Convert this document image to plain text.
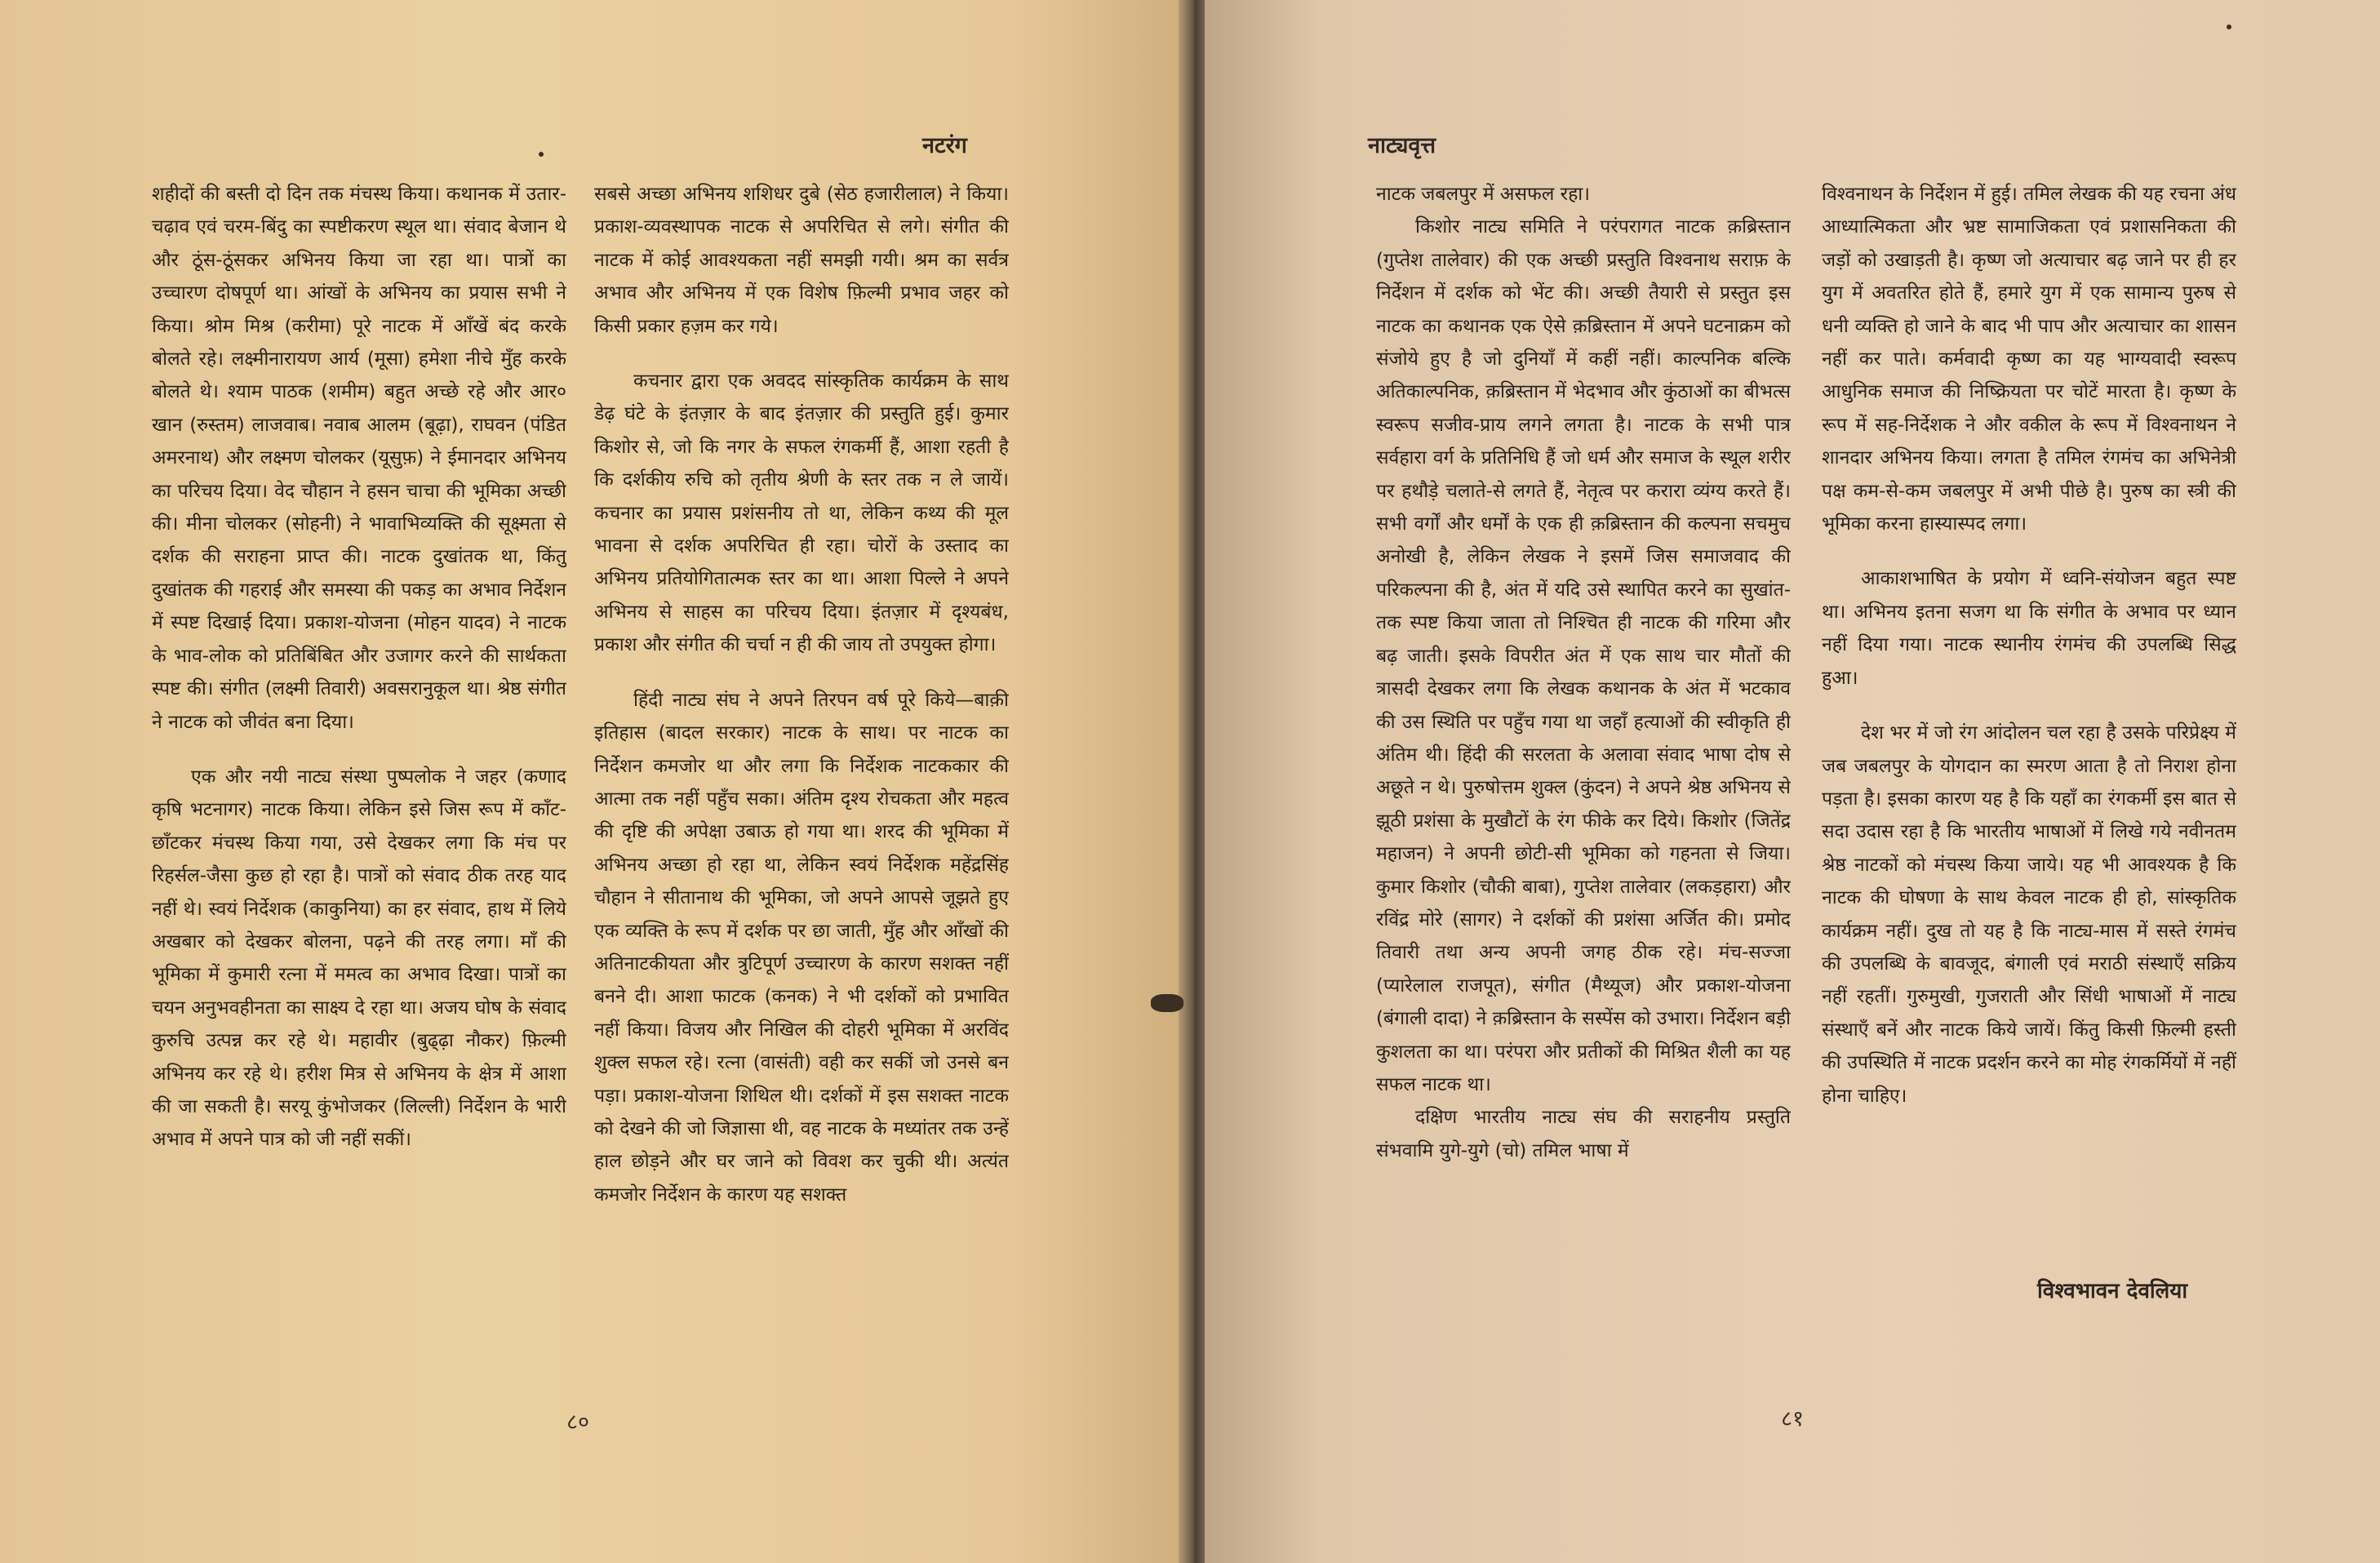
नटरंग

शहीदों की बस्ती दो दिन तक मंचस्थ किया। कथानक में उतार-चढ़ाव एवं चरम-बिंदु का स्पष्टीकरण स्थूल था। संवाद बेजान थे और ठूंस-ठूंसकर अभिनय किया जा रहा था। पात्रों का उच्चारण दोषपूर्ण था। आंखों के अभिनय का प्रयास सभी ने किया। श्रोम मिश्र (करीमा) पूरे नाटक में आँखें बंद करके बोलते रहे। लक्ष्मीनारायण आर्य (मूसा) हमेशा नीचे मुँह करके बोलते थे। श्याम पाठक (शमीम) बहुत अच्छे रहे और आर० खान (रुस्तम) लाजवाब। नवाब आलम (बूढ़ा), राघवन (पंडित अमरनाथ) और लक्ष्मण चोलकर (यूसुफ़) ने ईमानदार अभिनय का परिचय दिया। वेद चौहान ने हसन चाचा की भूमिका अच्छी की। मीना चोलकर (सोहनी) ने भावाभिव्यक्ति की सूक्ष्मता से दर्शक की सराहना प्राप्त की। नाटक दुखांतक था, किंतु दुखांतक की गहराई और समस्या की पकड़ का अभाव निर्देशन में स्पष्ट दिखाई दिया। प्रकाश-योजना (मोहन यादव) ने नाटक के भाव-लोक को प्रतिबिंबित और उजागर करने की सार्थकता स्पष्ट की। संगीत (लक्ष्मी तिवारी) अवसरानुकूल था। श्रेष्ठ संगीत ने नाटक को जीवंत बना दिया।

एक और नयी नाट्य संस्था पुष्पलोक ने जहर (कणाद कृषि भटनागर) नाटक किया। लेकिन इसे जिस रूप में काँट-छाँटकर मंचस्थ किया गया, उसे देखकर लगा कि मंच पर रिहर्सल-जैसा कुछ हो रहा है। पात्रों को संवाद ठीक तरह याद नहीं थे। स्वयं निर्देशक (काकुनिया) का हर संवाद, हाथ में लिये अखबार को देखकर बोलना, पढ़ने की तरह लगा। माँ की भूमिका में कुमारी रत्ना में ममत्व का अभाव दिखा। पात्रों का चयन अनुभवहीनता का साक्ष्य दे रहा था। अजय घोष के संवाद कुरुचि उत्पन्न कर रहे थे। महावीर (बुढ्ढ़ा नौकर) फ़िल्मी अभिनय कर रहे थे। हरीश मित्र से अभिनय के क्षेत्र में आशा की जा सकती है। सरयू कुंभोजकर (लिल्ली) निर्देशन के भारी अभाव में अपने पात्र को जी नहीं सकीं।

सबसे अच्छा अभिनय शशिधर दुबे (सेठ हजारीलाल) ने किया। प्रकाश-व्यवस्थापक नाटक से अपरिचित से लगे। संगीत की नाटक में कोई आवश्यकता नहीं समझी गयी। श्रम का सर्वत्र अभाव और अभिनय में एक विशेष फ़िल्मी प्रभाव जहर को किसी प्रकार हज़म कर गये।

कचनार द्वारा एक अवदद सांस्कृतिक कार्यक्रम के साथ डेढ़ घंटे के इंतज़ार के बाद इंतज़ार की प्रस्तुति हुई। कुमार किशोर से, जो कि नगर के सफल रंगकर्मी हैं, आशा रहती है कि दर्शकीय रुचि को तृतीय श्रेणी के स्तर तक न ले जायें। कचनार का प्रयास प्रशंसनीय तो था, लेकिन कथ्य की मूल भावना से दर्शक अपरिचित ही रहा। चोरों के उस्ताद का अभिनय प्रतियोगितात्मक स्तर का था। आशा पिल्ले ने अपने अभिनय से साहस का परिचय दिया। इंतज़ार में दृश्यबंध, प्रकाश और संगीत की चर्चा न ही की जाय तो उपयुक्त होगा।

हिंदी नाट्य संघ ने अपने तिरपन वर्ष पूरे किये—बाक़ी इतिहास (बादल सरकार) नाटक के साथ। पर नाटक का निर्देशन कमजोर था और लगा कि निर्देशक नाटककार की आत्मा तक नहीं पहुँच सका। अंतिम दृश्य रोचकता और महत्व की दृष्टि की अपेक्षा उबाऊ हो गया था। शरद की भूमिका में अभिनय अच्छा हो रहा था, लेकिन स्वयं निर्देशक महेंद्रसिंह चौहान ने सीतानाथ की भूमिका, जो अपने आपसे जूझते हुए एक व्यक्ति के रूप में दर्शक पर छा जाती, मुँह और आँखों की अतिनाटकीयता और त्रुटिपूर्ण उच्चारण के कारण सशक्त नहीं बनने दी। आशा फाटक (कनक) ने भी दर्शकों को प्रभावित नहीं किया। विजय और निखिल की दोहरी भूमिका में अरविंद शुक्ल सफल रहे। रत्ना (वासंती) वही कर सकीं जो उनसे बन पड़ा। प्रकाश-योजना शिथिल थी। दर्शकों में इस सशक्त नाटक को देखने की जो जिज्ञासा थी, वह नाटक के मध्यांतर तक उन्हें हाल छोड़ने और घर जाने को विवश कर चुकी थी। अत्यंत कमजोर निर्देशन के कारण यह सशक्त

८०
नाट्यवृत्त

नाटक जबलपुर में असफल रहा।

किशोर नाट्य समिति ने परंपरागत नाटक क़ब्रिस्तान (गुप्तेश तालेवार) की एक अच्छी प्रस्तुति विश्वनाथ सराफ़ के निर्देशन में दर्शक को भेंट की। अच्छी तैयारी से प्रस्तुत इस नाटक का कथानक एक ऐसे क़ब्रिस्तान में अपने घटनाक्रम को संजोये हुए है जो दुनियाँ में कहीं नहीं। काल्पनिक बल्कि अतिकाल्पनिक, क़ब्रिस्तान में भेदभाव और कुंठाओं का बीभत्स स्वरूप सजीव-प्राय लगने लगता है। नाटक के सभी पात्र सर्वहारा वर्ग के प्रतिनिधि हैं जो धर्म और समाज के स्थूल शरीर पर हथौड़े चलाते-से लगते हैं, नेतृत्व पर करारा व्यंग्य करते हैं। सभी वर्गों और धर्मों के एक ही क़ब्रिस्तान की कल्पना सचमुच अनोखी है, लेकिन लेखक ने इसमें जिस समाजवाद की परिकल्पना की है, अंत में यदि उसे स्थापित करने का सुखांत-तक स्पष्ट किया जाता तो निश्चित ही नाटक की गरिमा और बढ़ जाती। इसके विपरीत अंत में एक साथ चार मौतों की त्रासदी देखकर लगा कि लेखक कथानक के अंत में भटकाव की उस स्थिति पर पहुँच गया था जहाँ हत्याओं की स्वीकृति ही अंतिम थी। हिंदी की सरलता के अलावा संवाद भाषा दोष से अछूते न थे। पुरुषोत्तम शुक्ल (कुंदन) ने अपने श्रेष्ठ अभिनय से झूठी प्रशंसा के मुखौटों के रंग फीके कर दिये। किशोर (जितेंद्र महाजन) ने अपनी छोटी-सी भूमिका को गहनता से जिया। कुमार किशोर (चौकी बाबा), गुप्तेश तालेवार (लकड़हारा) और रविंद्र मोरे (सागर) ने दर्शकों की प्रशंसा अर्जित की। प्रमोद तिवारी तथा अन्य अपनी जगह ठीक रहे। मंच-सज्जा (प्यारेलाल राजपूत), संगीत (मैथ्यूज) और प्रकाश-योजना (बंगाली दादा) ने क़ब्रिस्तान के सस्पेंस को उभारा। निर्देशन बड़ी कुशलता का था। परंपरा और प्रतीकों की मिश्रित शैली का यह सफल नाटक था।

दक्षिण भारतीय नाट्य संघ की सराहनीय प्रस्तुति संभवामि युगे-युगे (चो) तमिल भाषा में

विश्वनाथन के निर्देशन में हुई। तमिल लेखक की यह रचना अंध आध्यात्मिकता और भ्रष्ट सामाजिकता एवं प्रशासनिकता की जड़ों को उखाड़ती है। कृष्ण जो अत्याचार बढ़ जाने पर ही हर युग में अवतरित होते हैं, हमारे युग में एक सामान्य पुरुष से धनी व्यक्ति हो जाने के बाद भी पाप और अत्याचार का शासन नहीं कर पाते। कर्मवादी कृष्ण का यह भाग्यवादी स्वरूप आधुनिक समाज की निष्क्रियता पर चोटें मारता है। कृष्ण के रूप में सह-निर्देशक ने और वकील के रूप में विश्वनाथन ने शानदार अभिनय किया। लगता है तमिल रंगमंच का अभिनेत्री पक्ष कम-से-कम जबलपुर में अभी पीछे है। पुरुष का स्त्री की भूमिका करना हास्यास्पद लगा।

आकाशभाषित के प्रयोग में ध्वनि-संयोजन बहुत स्पष्ट था। अभिनय इतना सजग था कि संगीत के अभाव पर ध्यान नहीं दिया गया। नाटक स्थानीय रंगमंच की उपलब्धि सिद्ध हुआ।

देश भर में जो रंग आंदोलन चल रहा है उसके परिप्रेक्ष्य में जब जबलपुर के योगदान का स्मरण आता है तो निराश होना पड़ता है। इसका कारण यह है कि यहाँ का रंगकर्मी इस बात से सदा उदास रहा है कि भारतीय भाषाओं में लिखे गये नवीनतम श्रेष्ठ नाटकों को मंचस्थ किया जाये। यह भी आवश्यक है कि नाटक की घोषणा के साथ केवल नाटक ही हो, सांस्कृतिक कार्यक्रम नहीं। दुख तो यह है कि नाट्य-मास में सस्ते रंगमंच की उपलब्धि के बावजूद, बंगाली एवं मराठी संस्थाएँ सक्रिय नहीं रहतीं। गुरुमुखी, गुजराती और सिंधी भाषाओं में नाट्य संस्थाएँ बनें और नाटक किये जायें। किंतु किसी फ़िल्मी हस्ती की उपस्थिति में नाटक प्रदर्शन करने का मोह रंगकर्मियों में नहीं होना चाहिए।

विश्वभावन देवलिया
८१
